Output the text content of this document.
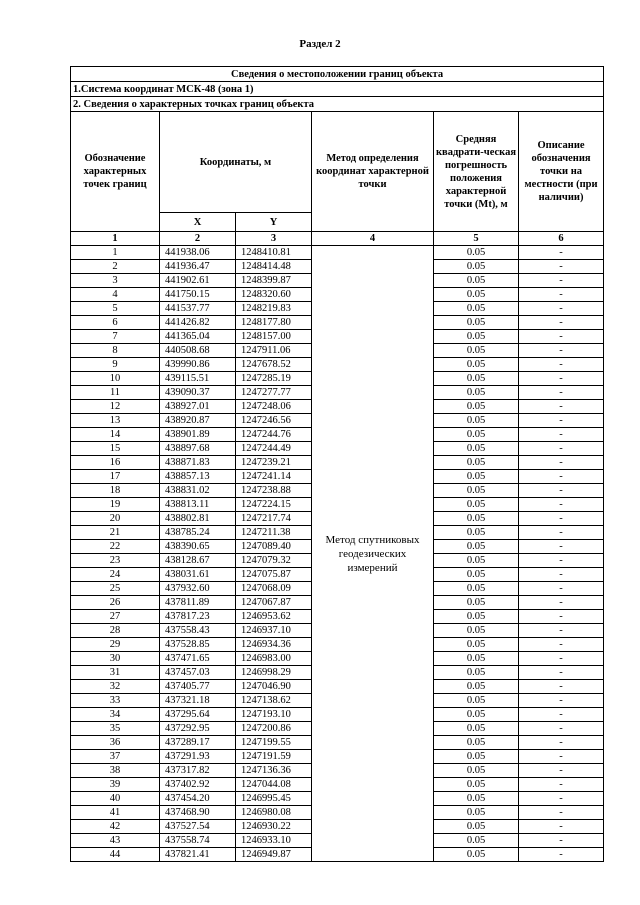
Раздел 2
Сведения о местоположении границ объекта					
1.Система координат МСК-48 (зона 1)					
2. Сведения о характерных точках границ объекта					
Обозначение характерных точек границ	Координаты, м		Метод определения координат характерной точки	Средняя квадрати-ческая погрешность положения характерной точки (Mt), м	Описание обозначения точки на местности (при наличии)
	X	Y			
1	2	3	4	5	6
1	441938.06	1248410.81	Метод спутниковых геодезических измерений	0.05	-
2	441936.47	1248414.48		0.05	-
3	441902.61	1248399.87		0.05	-
4	441750.15	1248320.60		0.05	-
5	441537.77	1248219.83		0.05	-
6	441426.82	1248177.80		0.05	-
7	441365.04	1248157.00		0.05	-
8	440508.68	1247911.06		0.05	-
9	439990.86	1247678.52		0.05	-
10	439115.51	1247285.19		0.05	-
11	439090.37	1247277.77		0.05	-
12	438927.01	1247248.06		0.05	-
13	438920.87	1247246.56		0.05	-
14	438901.89	1247244.76		0.05	-
15	438897.68	1247244.49		0.05	-
16	438871.83	1247239.21		0.05	-
17	438857.13	1247241.14		0.05	-
18	438831.02	1247238.88		0.05	-
19	438813.11	1247224.15		0.05	-
20	438802.81	1247217.74		0.05	-
21	438785.24	1247211.38		0.05	-
22	438390.65	1247089.40		0.05	-
23	438128.67	1247079.32		0.05	-
24	438031.61	1247075.87		0.05	-
25	437932.60	1247068.09		0.05	-
26	437811.89	1247067.87		0.05	-
27	437817.23	1246953.62		0.05	-
28	437558.43	1246937.10		0.05	-
29	437528.85	1246934.36		0.05	-
30	437471.65	1246983.00		0.05	-
31	437457.03	1246998.29		0.05	-
32	437405.77	1247046.90		0.05	-
33	437321.18	1247138.62		0.05	-
34	437295.64	1247193.10		0.05	-
35	437292.95	1247200.86		0.05	-
36	437289.17	1247199.55		0.05	-
37	437291.93	1247191.59		0.05	-
38	437317.82	1247136.36		0.05	-
39	437402.92	1247044.08		0.05	-
40	437454.20	1246995.45		0.05	-
41	437468.90	1246980.08		0.05	-
42	437527.54	1246930.22		0.05	-
43	437558.74	1246933.10		0.05	-
44	437821.41	1246949.87		0.05	-
